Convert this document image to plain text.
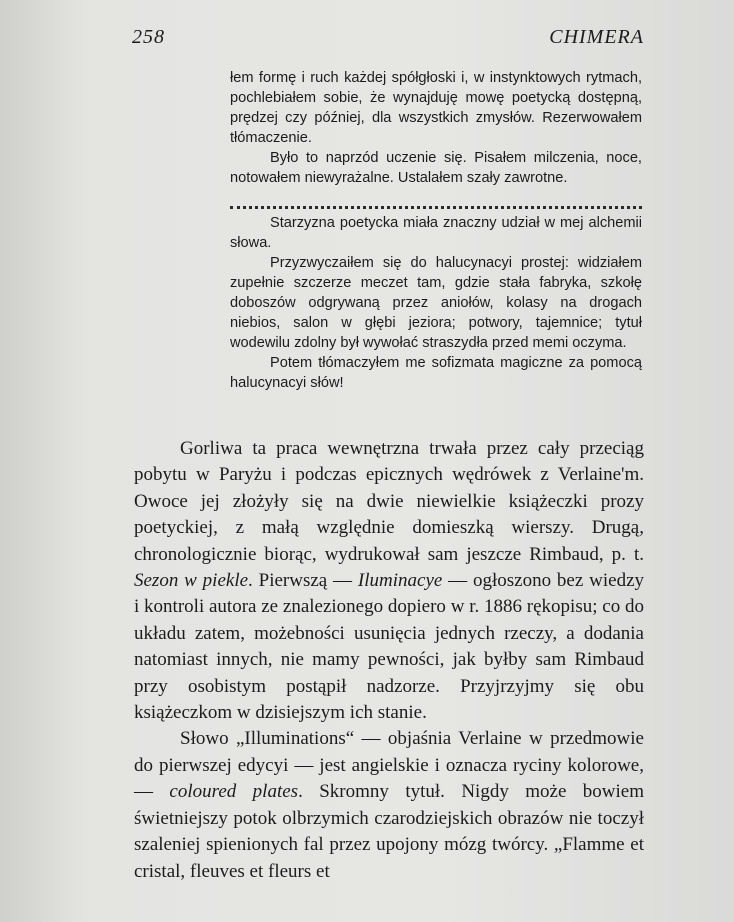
258	CHIMERA

łem formę i ruch każdej spółgłoski i, w instynktowych rytmach, pochlebiałem sobie, że wynajduję mowę poetycką dostępną, prędzej czy później, dla wszystkich zmysłów. Rezerwowałem tłómaczenie.

Było to naprzód uczenie się. Pisałem milczenia, noce, notowałem niewyrażalne. Ustalałem szały zawrotne.

Starzyzna poetycka miała znaczny udział w mej alchemii słowa.

Przyzwyczaiłem się do halucynacyi prostej: widziałem zupełnie szczerze meczet tam, gdzie stała fabryka, szkołę doboszów odgrywaną przez aniołów, kolasy na drogach niebios, salon w głębi jeziora; potwory, tajemnice; tytuł wodewilu zdolny był wywołać straszydła przed memi oczyma.

Potem tłómaczyłem me sofizmata magiczne za pomocą halucynacyi słów!

Gorliwa ta praca wewnętrzna trwała przez cały przeciąg pobytu w Paryżu i podczas epicznych wędrówek z Verlaine'm. Owoce jej złożyły się na dwie niewielkie książeczki prozy poetyckiej, z małą względnie domieszką wierszy. Drugą, chronologicznie biorąc, wydrukował sam jeszcze Rimbaud, p. t. Sezon w piekle. Pierwszą — Iluminacye — ogłoszono bez wiedzy i kontroli autora ze znalezionego dopiero w r. 1886 rękopisu; co do układu zatem, możebności usunięcia jednych rzeczy, a dodania natomiast innych, nie mamy pewności, jak byłby sam Rimbaud przy osobistym postąpił nadzorze. Przyjrzyjmy się obu książeczkom w dzisiejszym ich stanie.

Słowo „Illuminations“ — objaśnia Verlaine w przedmowie do pierwszej edycyi — jest angielskie i oznacza ryciny kolorowe, — coloured plates. Skromny tytuł. Nigdy może bowiem świetniejszy potok olbrzymich czarodziejskich obrazów nie toczył szaleniej spienionych fal przez upojony mózg twórcy. „Flamme et cristal, fleuves et fleurs et
